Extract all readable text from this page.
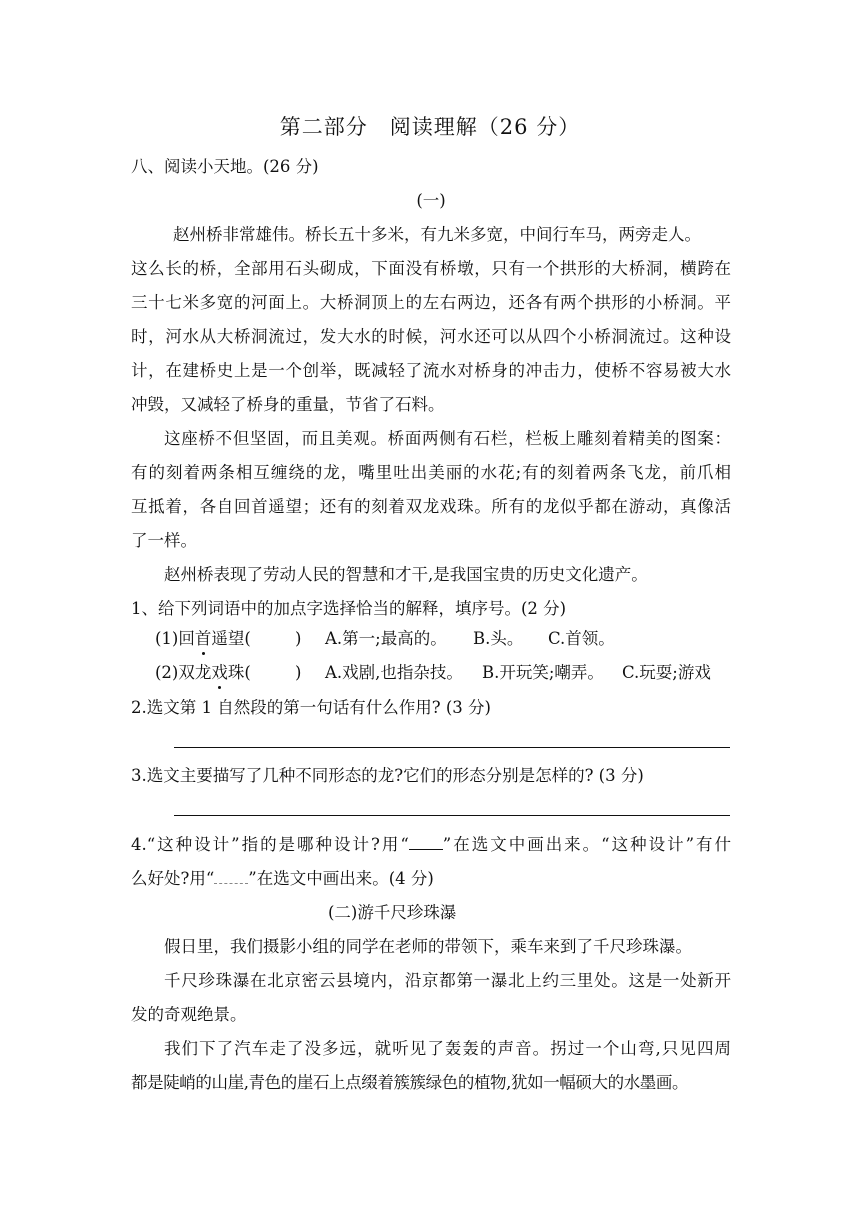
第二部分　阅读理解（26 分）
八、阅读小天地。(26 分)
(一)
赵州桥非常雄伟。桥长五十多米，有九米多宽，中间行车马，两旁走人。
这么长的桥，全部用石头砌成，下面没有桥墩，只有一个拱形的大桥洞，横跨在
三十七米多宽的河面上。大桥洞顶上的左右两边，还各有两个拱形的小桥洞。平
时，河水从大桥洞流过，发大水的时候，河水还可以从四个小桥洞流过。这种设
计，在建桥史上是一个创举，既减轻了流水对桥身的冲击力，使桥不容易被大水
冲毁，又减轻了桥身的重量，节省了石料。
这座桥不但坚固，而且美观。桥面两侧有石栏，栏板上雕刻着精美的图案：
有的刻着两条相互缠绕的龙，嘴里吐出美丽的水花;有的刻着两条飞龙，前爪相
互抵着，各自回首遥望；还有的刻着双龙戏珠。所有的龙似乎都在游动，真像活
了一样。
赵州桥表现了劳动人民的智慧和才干,是我国宝贵的历史文化遗产。
1、给下列词语中的加点字选择恰当的解释，填序号。(2 分)
(1)回首遥望(	) A.第一;最高的。 B.头。 C.首领。
(2)双龙戏珠(	) A.戏剧,也指杂技。 B.开玩笑;嘲弄。 C.玩耍;游戏
2.选文第 1 自然段的第一句话有什么作用? (3 分)
3.选文主要描写了几种不同形态的龙?它们的形态分别是怎样的? (3 分)
4.“这种设计”指的是哪种设计?用“ ”在选文中画出来。“这种设计”有什
么好处?用“ ”在选文中画出来。(4 分)
(二)游千尺珍珠瀑
假日里，我们摄影小组的同学在老师的带领下，乘车来到了千尺珍珠瀑。
千尺珍珠瀑在北京密云县境内，沿京都第一瀑北上约三里处。这是一处新开
发的奇观绝景。
我们下了汽车走了没多远，就听见了轰轰的声音。拐过一个山弯,只见四周
都是陡峭的山崖,青色的崖石上点缀着簇簇绿色的植物,犹如一幅硕大的水墨画。
